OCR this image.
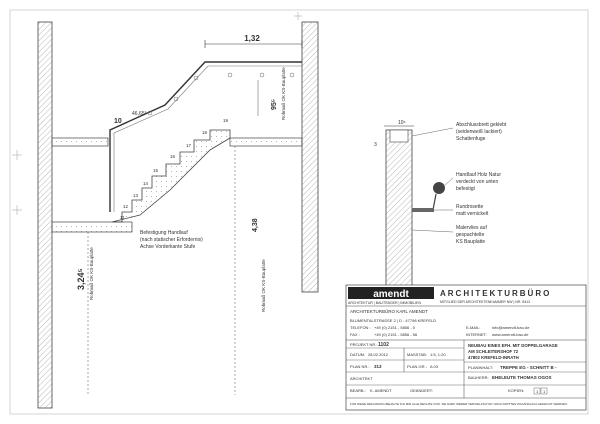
1,32
95⁵ Rohmaß OK KS-Bauplatte
46,65°
10
11
12
13
14
15
16
17
18
19
Befestigung Handlauf
(nach statischer Erfordernis)
Achse Vorderkante Stufe
4,38
Rohmaß OK KS-Bauplatte
3,24⁵ Rohmaß OK KS-Bauplatte
10⁵
3
Abschlussbrett geklebt
(seidenweiß lackiert)
Schattenfuge
Handlauf Holz Natur
verdeckt von unten
befestigt
Rundrosette
matt vernickelt
Malervlies auf
gespachtelte
KS Bauplatte
amendt	ARCHITEKTURBÜRO
ARCHITEKTUR | BAUTRÄGER | IMMOBILIEN	MITGLIED DER ARCHITEKTENKAMMER NW | NR. 8412
ARCHITEKTURBÜRO KARL AMENDT
BLUMENTALSTRASSE 2 | D - 47798 KREFELD
TELEFON : +49 (0) 2151 - 5856 - 0
FAX :	+49 (0) 2151 - 5856 - 56
E-MAIL:	info@amendt-bau.de
INTERNET: www.amendt-bau.de
PROJEKT NR.: 1102
DATUM: 28.02.2012	MASSTAB: 1:5, 1:20
PLAN NR.: 313	PLAN GR.: A 03
ARCHITEKT
BEARB.: K. AMENDT	GEÄNDERT:
NEUBAU EINES EFH. MIT DOPPELGARAGE
AM SCHLEITERSHOF 72
47802 KREFELD-INRATH
PLANINHALT: TREPPE EG - SCHNITT B -
BAUHERR: EHELEUTE THOMAS OGOS
KOPIEN:	1 1
FÜR DIESE ZEICHNUNG BEHALTE ICH MIR ALLE RECHTE VOR. SIE DARF WEDER VERVIELFÄLTIGT NOCH DRITTEN ZUGÄNGLICH GEMACHT WERDEN.
